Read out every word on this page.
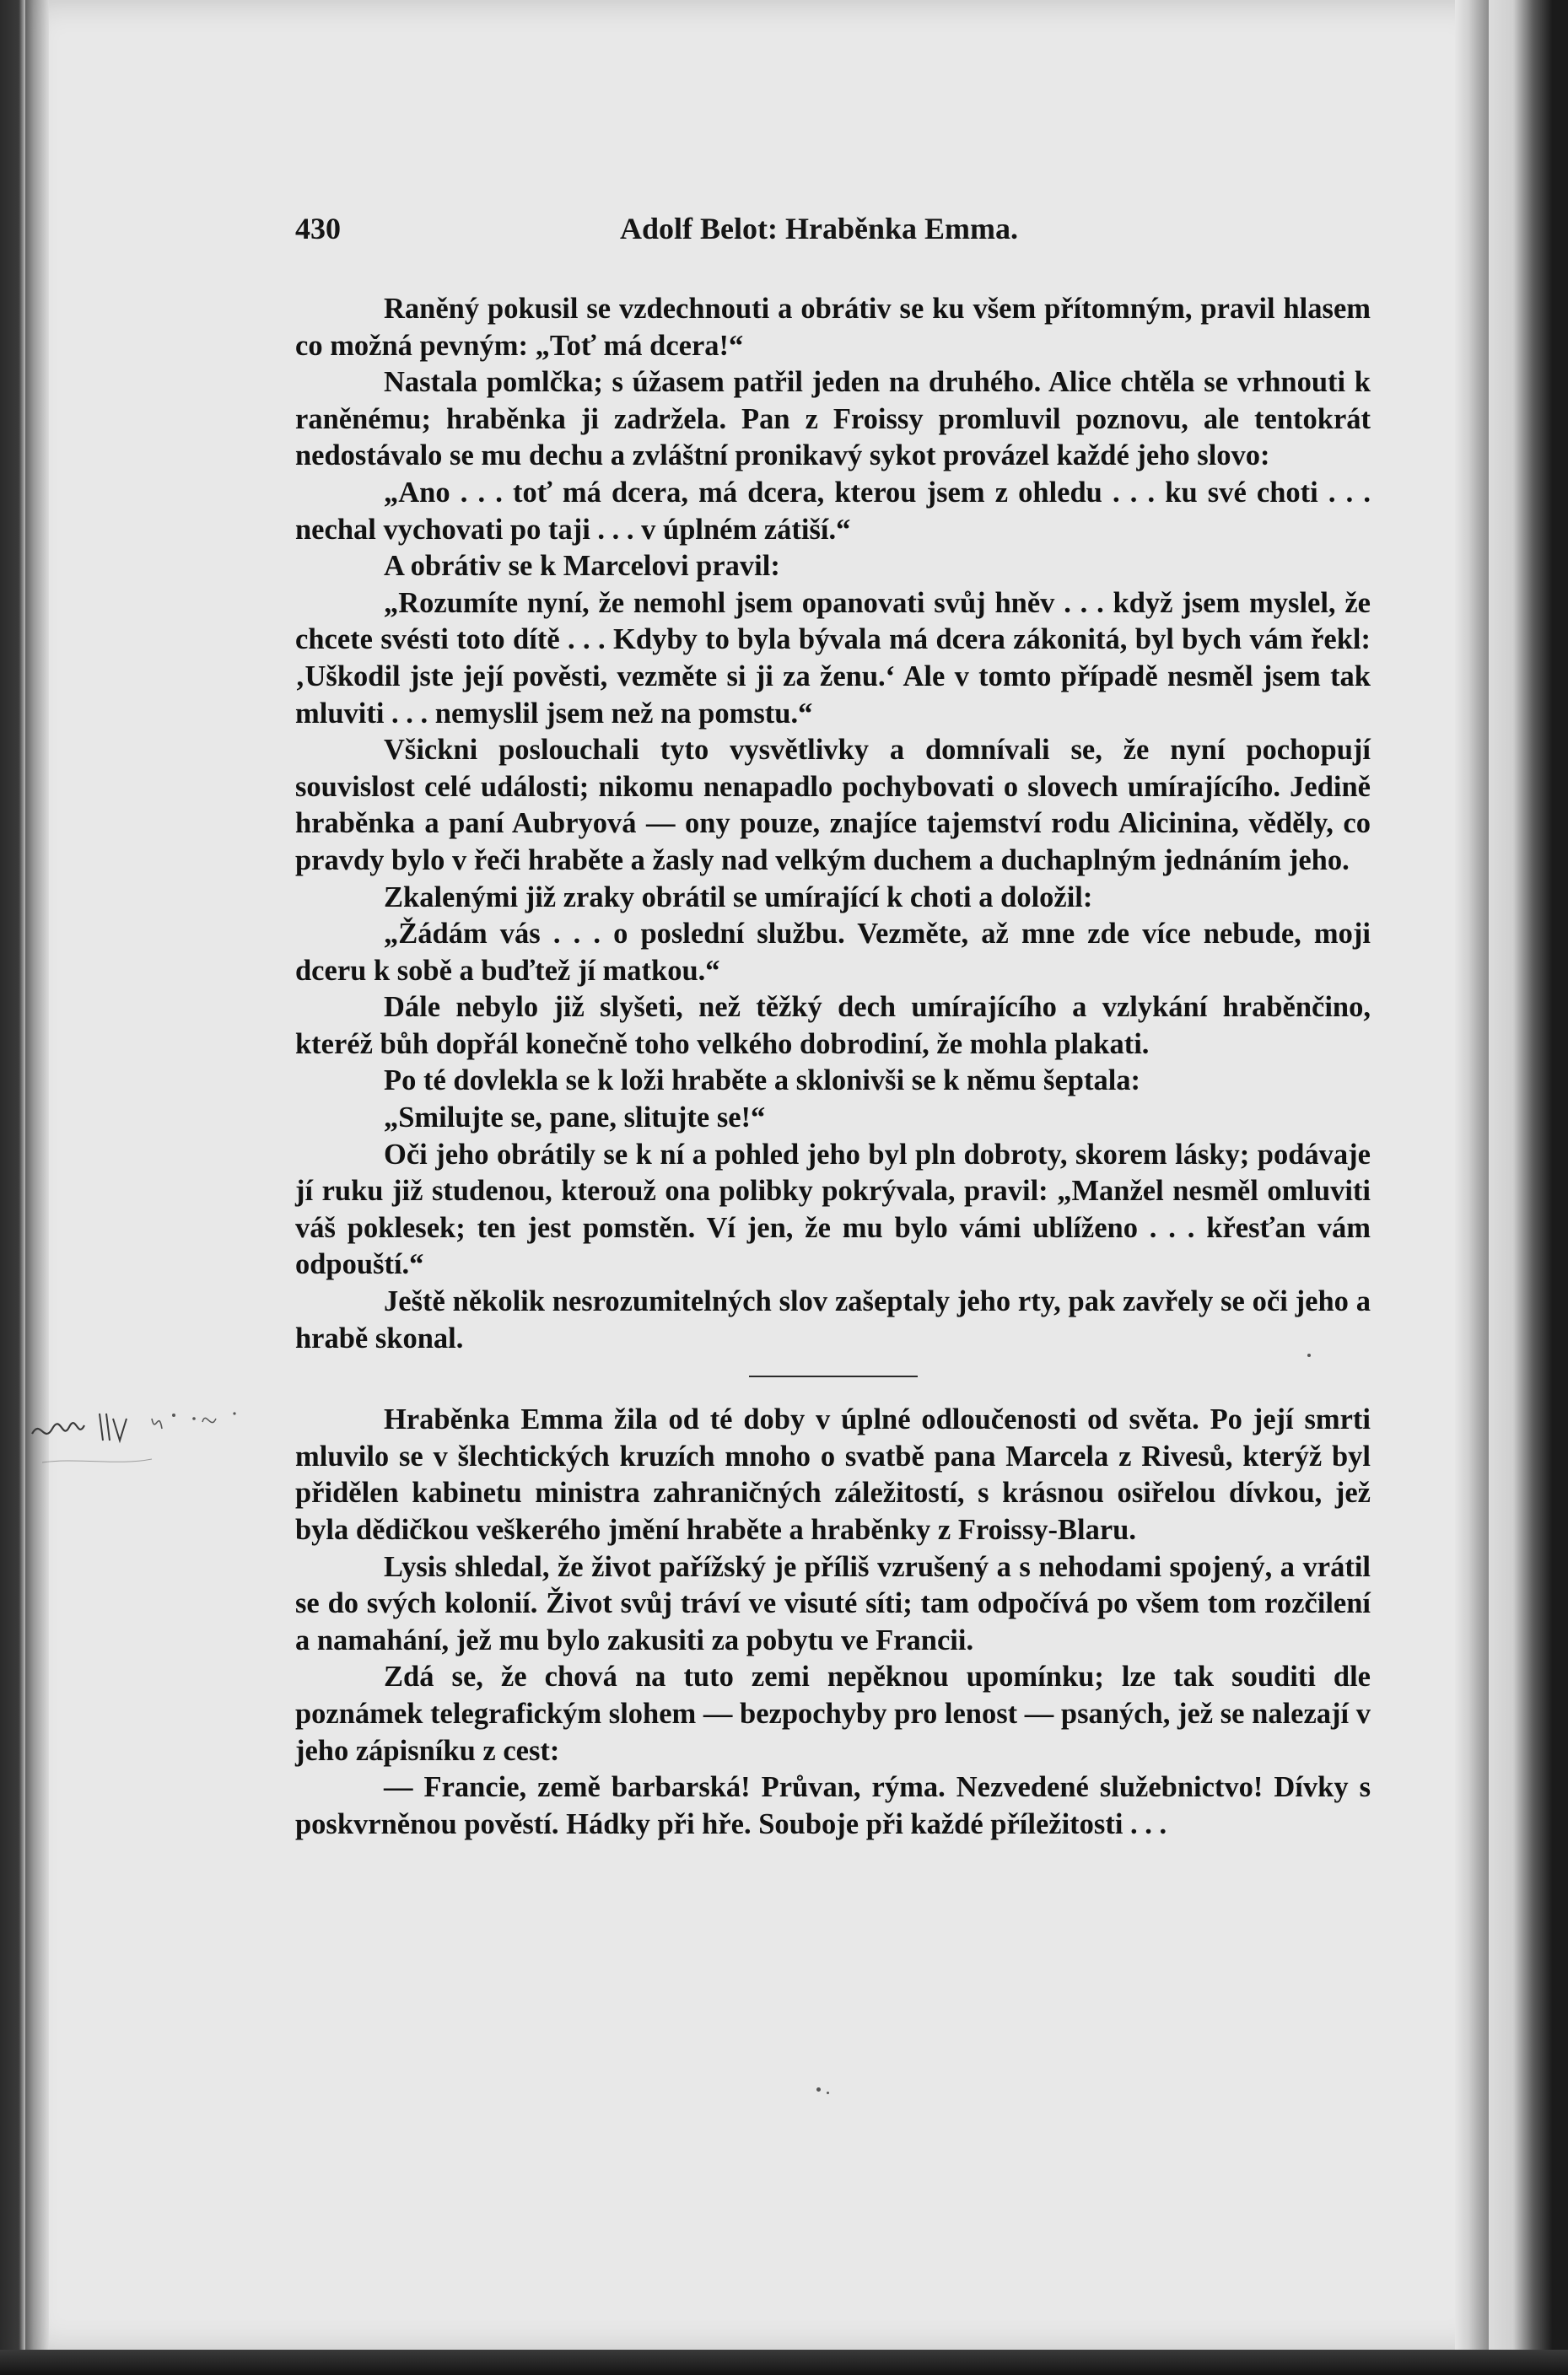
430	Adolf Belot: Hraběnka Emma.

Raněný pokusil se vzdechnouti a obrátiv se ku všem přítomným, pravil hlasem co možná pevným: „Toť má dcera!“

Nastala pomlčka; s úžasem patřil jeden na druhého. Alice chtěla se vrhnouti k raněnému; hraběnka ji zadržela. Pan z Froissy promluvil poznovu, ale tentokrát nedostávalo se mu dechu a zvláštní pronikavý sykot provázel každé jeho slovo:

„Ano . . . toť má dcera, má dcera, kterou jsem z ohledu . . . ku své choti . . . nechal vychovati po taji . . . v úplném zátiší.“

A obrátiv se k Marcelovi pravil:

„Rozumíte nyní, že nemohl jsem opanovati svůj hněv . . . když jsem myslel, že chcete svésti toto dítě . . . Kdyby to byla bývala má dcera zákonitá, byl bych vám řekl: ‚Uškodil jste její pověsti, vezměte si ji za ženu.‘ Ale v tomto případě nesměl jsem tak mluviti . . . nemyslil jsem než na pomstu.“

Všickni poslouchali tyto vysvětlivky a domnívali se, že nyní pochopují souvislost celé události; nikomu nenapadlo pochybovati o slovech umírajícího. Jedině hraběnka a paní Aubryová — ony pouze, znajíce tajemství rodu Alicinina, věděly, co pravdy bylo v řeči hraběte a žasly nad velkým duchem a duchaplným jednáním jeho.

Zkalenými již zraky obrátil se umírající k choti a doložil:

„Žádám vás . . . o poslední službu. Vezměte, až mne zde více nebude, moji dceru k sobě a buďtež jí matkou.“

Dále nebylo již slyšeti, než těžký dech umírajícího a vzlykání hraběnčino, kteréž bůh dopřál konečně toho velkého dobrodiní, že mohla plakati.

Po té dovlekla se k loži hraběte a sklonivši se k němu šeptala:

„Smilujte se, pane, slitujte se!“

Oči jeho obrátily se k ní a pohled jeho byl pln dobroty, skorem lásky; podávaje jí ruku již studenou, kterouž ona polibky pokrývala, pravil: „Manžel nesměl omluviti váš poklesek; ten jest pomstěn. Ví jen, že mu bylo vámi ublíženo . . . křesťan vám odpouští.“

Ještě několik nesrozumitelných slov zašeptaly jeho rty, pak zavřely se oči jeho a hrabě skonal.

Hraběnka Emma žila od té doby v úplné odloučenosti od světa. Po její smrti mluvilo se v šlechtických kruzích mnoho o svatbě pana Marcela z Rivesů, kterýž byl přidělen kabinetu ministra zahraničných záležitostí, s krásnou osiřelou dívkou, jež byla dědičkou veškerého jmění hraběte a hraběnky z Froissy-Blaru.

Lysis shledal, že život pařížský je příliš vzrušený a s nehodami spojený, a vrátil se do svých kolonií. Život svůj tráví ve visuté síti; tam odpočívá po všem tom rozčilení a namahání, jež mu bylo zakusiti za pobytu ve Francii.

Zdá se, že chová na tuto zemi nepěknou upomínku; lze tak souditi dle poznámek telegrafickým slohem — bezpochyby pro lenost — psaných, jež se nalezají v jeho zápisníku z cest:

— Francie, země barbarská! Průvan, rýma. Nezvedené služebnictvo! Dívky s poskvrněnou pověstí. Hádky při hře. Souboje při každé příležitosti . . .
